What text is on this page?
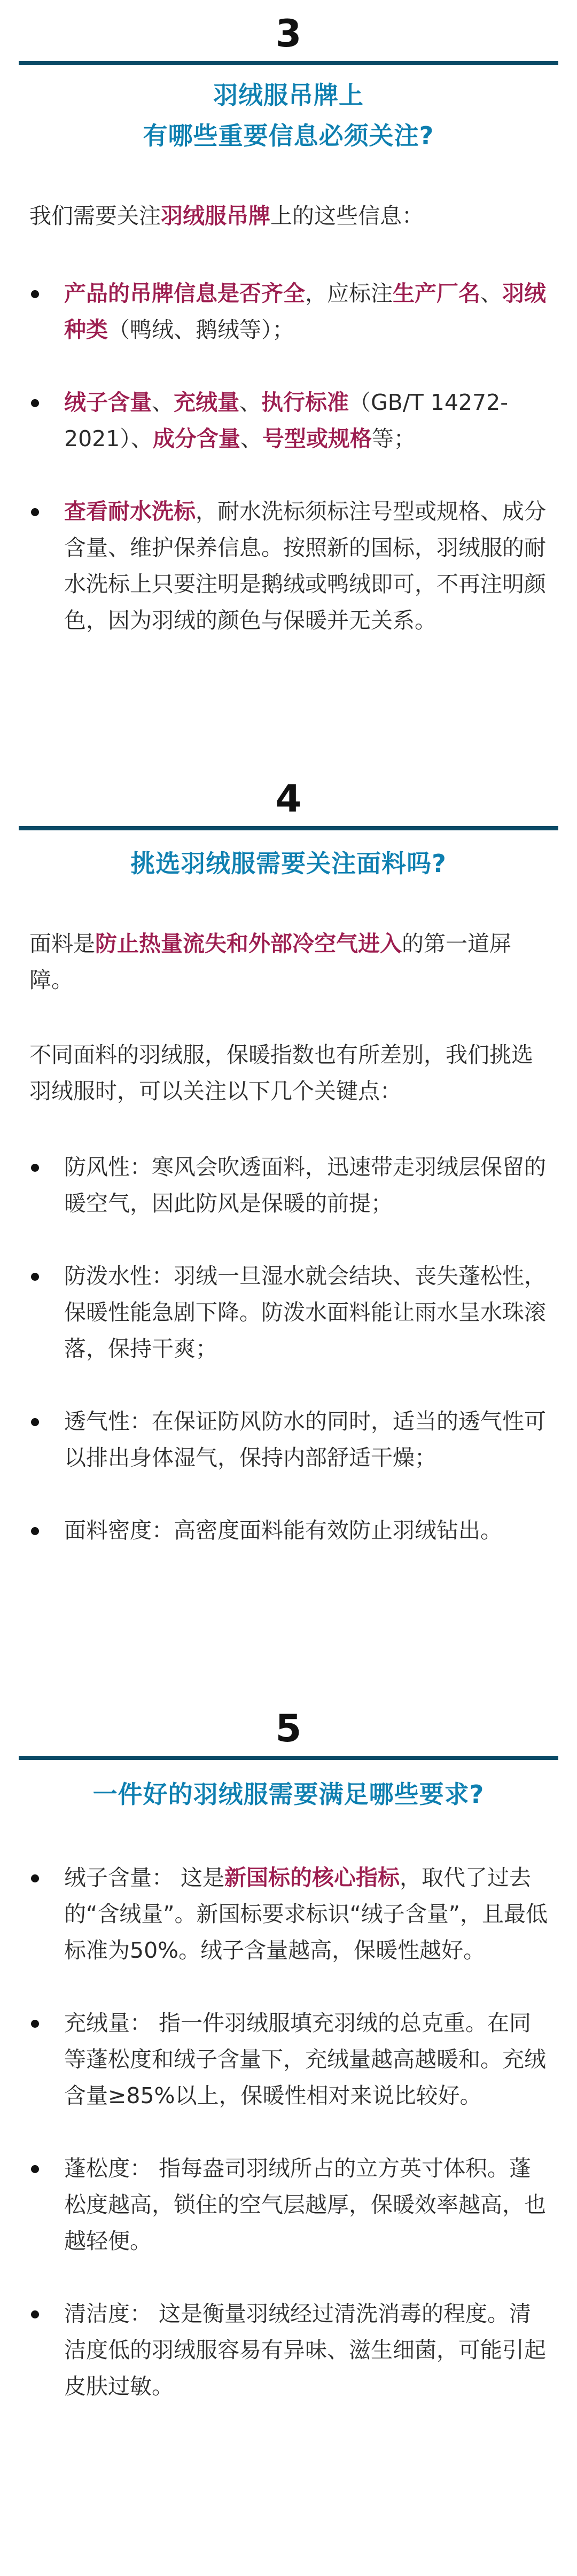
3

羽绒服吊牌上

有哪些重要信息必须关注?

我们需要关注羽绒服吊牌上的这些信息：

产品的吊牌信息是否齐全，应标注生产厂名、羽绒种类（鸭绒、鹅绒等）；
绒子含量、充绒量、执行标准（GB/T 14272-2021）、成分含量、号型或规格等；
查看耐水洗标，耐水洗标须标注号型或规格、成分含量、维护保养信息。按照新的国标，羽绒服的耐水洗标上只要注明是鹅绒或鸭绒即可，不再注明颜色，因为羽绒的颜色与保暖并无关系。
4

挑选羽绒服需要关注面料吗?

面料是防止热量流失和外部冷空气进入的第一道屏障。

不同面料的羽绒服，保暖指数也有所差别，我们挑选羽绒服时，可以关注以下几个关键点：

防风性：寒风会吹透面料，迅速带走羽绒层保留的暖空气，因此防风是保暖的前提；
防泼水性：羽绒一旦湿水就会结块、丧失蓬松性，保暖性能急剧下降。防泼水面料能让雨水呈水珠滚落，保持干爽；
透气性：在保证防风防水的同时，适当的透气性可以排出身体湿气，保持内部舒适干燥；
面料密度：高密度面料能有效防止羽绒钻出。
5

一件好的羽绒服需要满足哪些要求?

绒子含量： 这是新国标的核心指标，取代了过去的“含绒量”。新国标要求标识“绒子含量”，且最低标准为50%。绒子含量越高，保暖性越好。
充绒量： 指一件羽绒服填充羽绒的总克重。在同等蓬松度和绒子含量下，充绒量越高越暖和。充绒含量≥85%以上，保暖性相对来说比较好。
蓬松度： 指每盎司羽绒所占的立方英寸体积。蓬松度越高，锁住的空气层越厚，保暖效率越高，也越轻便。
清洁度： 这是衡量羽绒经过清洗消毒的程度。清洁度低的羽绒服容易有异味、滋生细菌，可能引起皮肤过敏。
